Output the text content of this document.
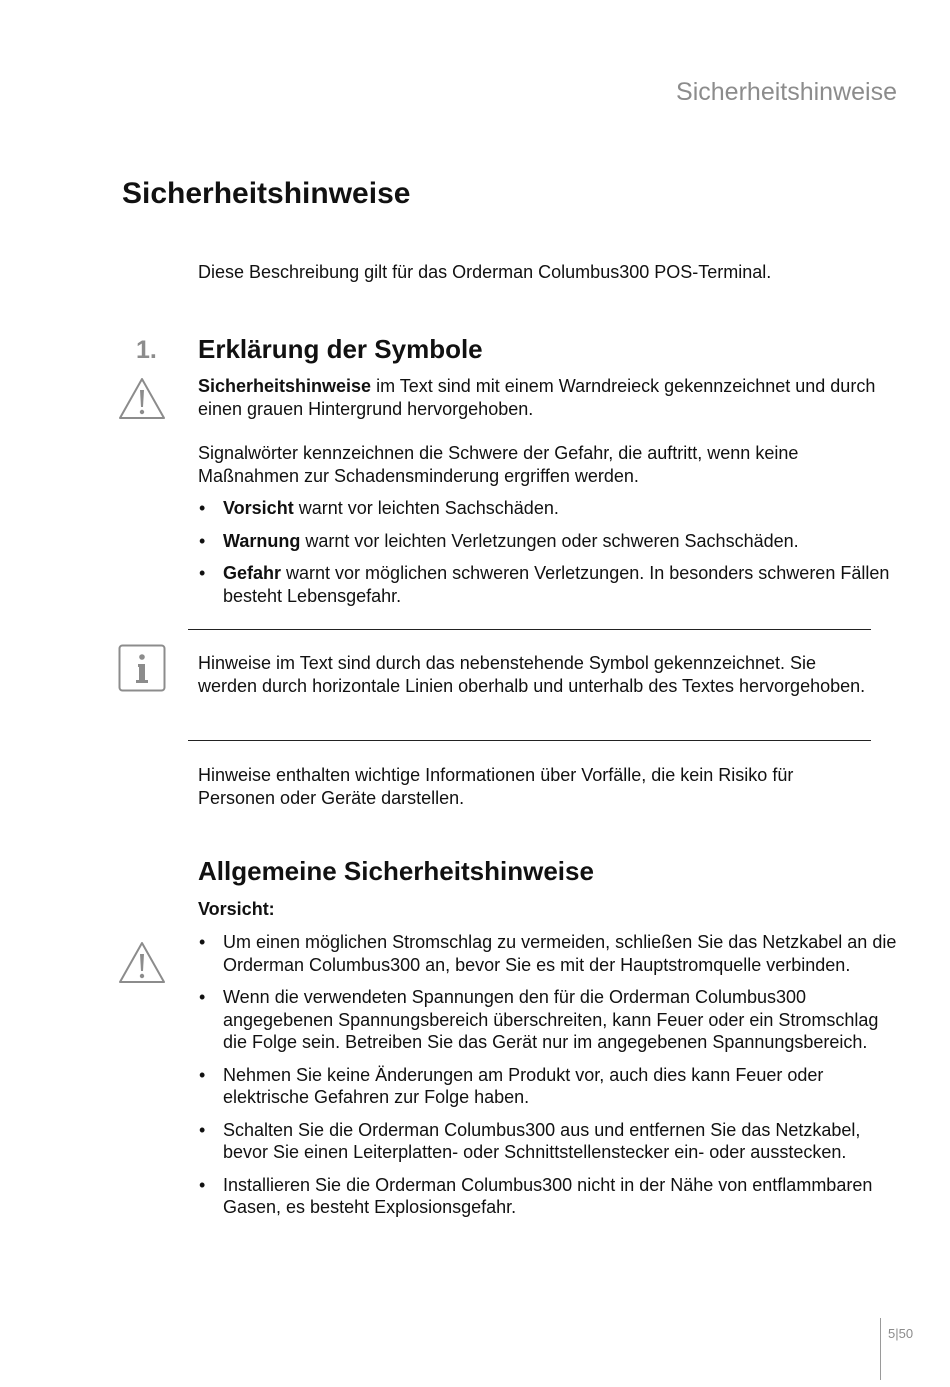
Sicherheitshinweise
Sicherheitshinweise
Diese Beschreibung gilt für das Orderman Columbus300 POS-Terminal.
1. Erklärung der Symbole

Sicherheitshinweise im Text sind mit einem Warndreieck gekennzeichnet und durch einen grauen Hintergrund hervorgehoben.

Signalwörter kennzeichnen die Schwere der Gefahr, die auftritt, wenn keine Maßnahmen zur Schadensminderung ergriffen werden.

• Vorsicht warnt vor leichten Sachschäden.
• Warnung warnt vor leichten Verletzungen oder schweren Sachschäden.
• Gefahr warnt vor möglichen schweren Verletzungen. In besonders schweren Fällen besteht Lebensgefahr.

Hinweise im Text sind durch das nebenstehende Symbol gekennzeichnet. Sie werden durch horizontale Linien oberhalb und unterhalb des Textes hervorgehoben.

Hinweise enthalten wichtige Informationen über Vorfälle, die kein Risiko für Personen oder Geräte darstellen.

Allgemeine Sicherheitshinweise
Vorsicht:
• Um einen möglichen Stromschlag zu vermeiden, schließen Sie das Netzkabel an die Orderman Columbus300 an, bevor Sie es mit der Hauptstromquelle verbinden.
• Wenn die verwendeten Spannungen den für die Orderman Columbus300 angegebenen Spannungsbereich überschreiten, kann Feuer oder ein Stromschlag die Folge sein. Betreiben Sie das Gerät nur im angegebenen Spannungsbereich.
• Nehmen Sie keine Änderungen am Produkt vor, auch dies kann Feuer oder elektrische Gefahren zur Folge haben.
• Schalten Sie die Orderman Columbus300 aus und entfernen Sie das Netzkabel, bevor Sie einen Leiterplatten- oder Schnittstellenstecker ein- oder ausstecken.
• Installieren Sie die Orderman Columbus300 nicht in der Nähe von entflammbaren Gasen, es besteht Explosionsgefahr.
5|50
